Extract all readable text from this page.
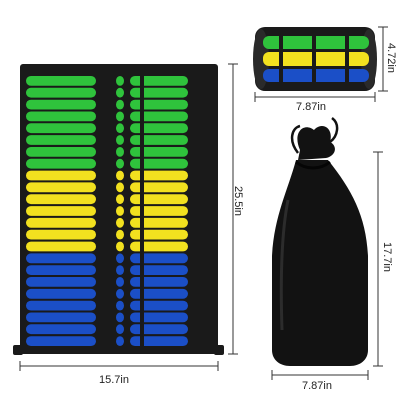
15.7in
25.5in
7.87in
4.72in
7.87in
17.7in
